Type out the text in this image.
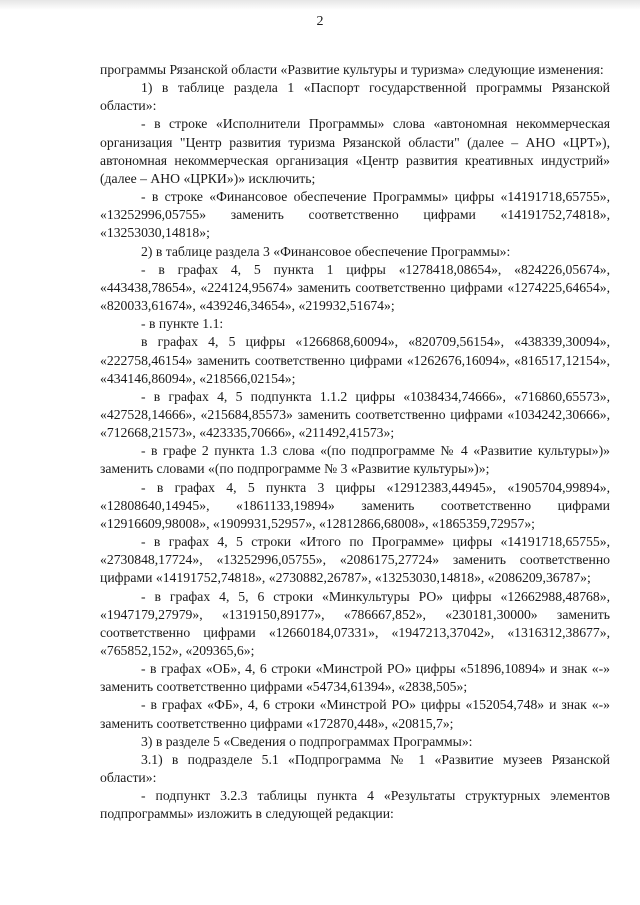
2

программы Рязанской области «Развитие культуры и туризма» следующие изменения:

1) в таблице раздела 1 «Паспорт государственной программы Рязанской области»:

- в строке «Исполнители Программы» слова «автономная некоммерческая организация "Центр развития туризма Рязанской области" (далее – АНО «ЦРТ»), автономная некоммерческая организация «Центр развития креативных индустрий» (далее – АНО «ЦРКИ»)» исключить;

- в строке «Финансовое обеспечение Программы» цифры «14191718,65755», «13252996,05755» заменить соответственно цифрами «14191752,74818», «13253030,14818»;

2) в таблице раздела 3 «Финансовое обеспечение Программы»:

- в графах 4, 5 пункта 1 цифры «1278418,08654», «824226,05674», «443438,78654», «224124,95674» заменить соответственно цифрами «1274225,64654», «820033,61674», «439246,34654», «219932,51674»;

- в пункте 1.1:

в графах 4, 5 цифры «1266868,60094», «820709,56154», «438339,30094», «222758,46154» заменить соответственно цифрами «1262676,16094», «816517,12154», «434146,86094», «218566,02154»;

- в графах 4, 5 подпункта 1.1.2 цифры «1038434,74666», «716860,65573», «427528,14666», «215684,85573» заменить соответственно цифрами «1034242,30666», «712668,21573», «423335,70666», «211492,41573»;

- в графе 2 пункта 1.3 слова «(по подпрограмме № 4 «Развитие культуры»)» заменить словами «(по подпрограмме № 3 «Развитие культуры»)»;

- в графах 4, 5 пункта 3 цифры «12912383,44945», «1905704,99894», «12808640,14945», «1861133,19894» заменить соответственно цифрами «12916609,98008», «1909931,52957», «12812866,68008», «1865359,72957»;

- в графах 4, 5 строки «Итого по Программе» цифры «14191718,65755», «2730848,17724», «13252996,05755», «2086175,27724» заменить соответственно цифрами «14191752,74818», «2730882,26787», «13253030,14818», «2086209,36787»;

- в графах 4, 5, 6 строки «Минкультуры РО» цифры «12662988,48768», «1947179,27979», «1319150,89177», «786667,852», «230181,30000» заменить соответственно цифрами «12660184,07331», «1947213,37042», «1316312,38677», «765852,152», «209365,6»;

- в графах «ОБ», 4, 6 строки «Минстрой РО» цифры «51896,10894» и знак «-» заменить соответственно цифрами «54734,61394», «2838,505»;

- в графах «ФБ», 4, 6 строки «Минстрой РО» цифры «152054,748» и знак «-» заменить соответственно цифрами «172870,448», «20815,7»;

3) в разделе 5 «Сведения о подпрограммах Программы»:

3.1) в подразделе 5.1 «Подпрограмма № 1 «Развитие музеев Рязанской области»:

- подпункт 3.2.3 таблицы пункта 4 «Результаты структурных элементов подпрограммы» изложить в следующей редакции:
